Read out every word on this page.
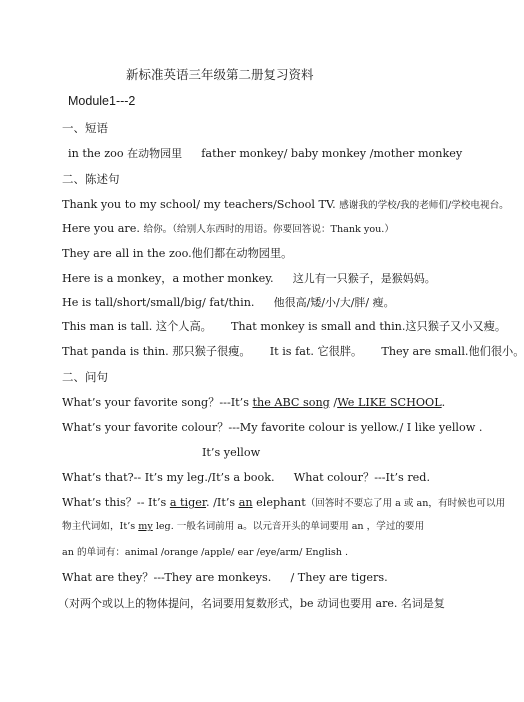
新标准英语三年级第二册复习资料
Module1---2
一、短语
in the zoo 在动物园里 father monkey/ baby monkey /mother monkey
二、陈述句
Thank you to my school/ my teachers/School TV. 感谢我的学校/我的老师们/学校电视台。
Here you are. 给你。（给别人东西时的用语。你要回答说：Thank you.）
They are all in the zoo.他们都在动物园里。
Here is a monkey，a mother monkey. 这儿有一只猴子，是猴妈妈。
He is tall/short/small/big/ fat/thin. 他很高/矮/小/大/胖/ 瘦。
This man is tall. 这个人高。 That monkey is small and thin.这只猴子又小又瘦。
That panda is thin. 那只猴子很瘦。 It is fat. 它很胖。 They are small.他们很小。
二、问句
What’s your favorite song？---It’s the ABC song /We LIKE SCHOOL.
What’s your favorite colour？---My favorite colour is yellow./ I like yellow .
It’s yellow
What’s that?-- It’s my leg./It’s a book. What colour？---It’s red.
What’s this？-- It’s a tiger. /It’s an elephant（回答时不要忘了用 a 或 an，有时候也可以用
物主代词如，It’s my leg. 一般名词前用 a。以元音开头的单词要用 an ，学过的要用
an 的单词有：animal /orange /apple/ ear /eye/arm/ English .
What are they？---They are monkeys. / They are tigers.
（对两个或以上的物体提问，名词要用复数形式，be 动词也要用 are. 名词是复
